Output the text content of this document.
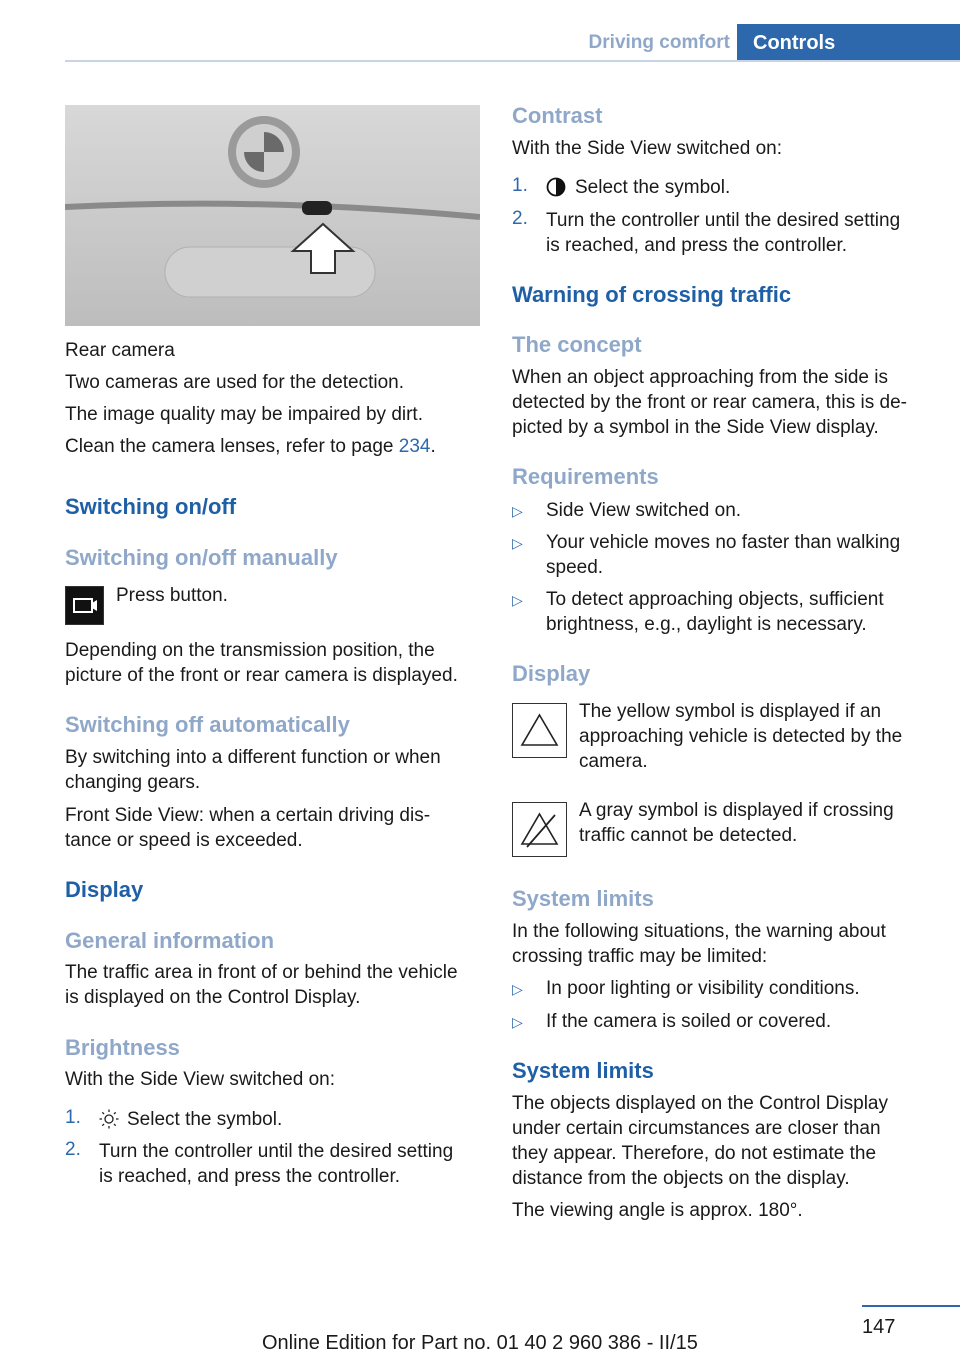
Driving comfort	Controls

Rear camera

Two cameras are used for the detection.

The image quality may be impaired by dirt.

Clean the camera lenses, refer to page 234.

Switching on/off
Switching on/off manually

Press button.

Depending on the transmission position, the

picture of the front or rear camera is displayed.

Switching off automatically

By switching into a different function or when

changing gears.

Front Side View: when a certain driving dis‐

tance or speed is exceeded.

Display
General information

The traffic area in front of or behind the vehicle

is displayed on the Control Display.

Brightness

With the Side View switched on:

1. Select the symbol.

2. Turn the controller until the desired setting

is reached, and press the controller.

Contrast

With the Side View switched on:

1. Select the symbol.

2. Turn the controller until the desired setting

is reached, and press the controller.

Warning of crossing traffic
The concept

When an object approaching from the side is

detected by the front or rear camera, this is de‐

picted by a symbol in the Side View display.

Requirements
▷ Side View switched on.

▷ Your vehicle moves no faster than walking

speed.

▷ To detect approaching objects, sufficient

brightness, e.g., daylight is necessary.

Display

The yellow symbol is displayed if an

approaching vehicle is detected by the

camera.

A gray symbol is displayed if crossing

traffic cannot be detected.

System limits

In the following situations, the warning about

crossing traffic may be limited:

▷ In poor lighting or visibility conditions.

▷ If the camera is soiled or covered.

System limits

The objects displayed on the Control Display

under certain circumstances are closer than

they appear. Therefore, do not estimate the

distance from the objects on the display.

The viewing angle is approx. 180°.

147
Online Edition for Part no. 01 40 2 960 386 - II/15
